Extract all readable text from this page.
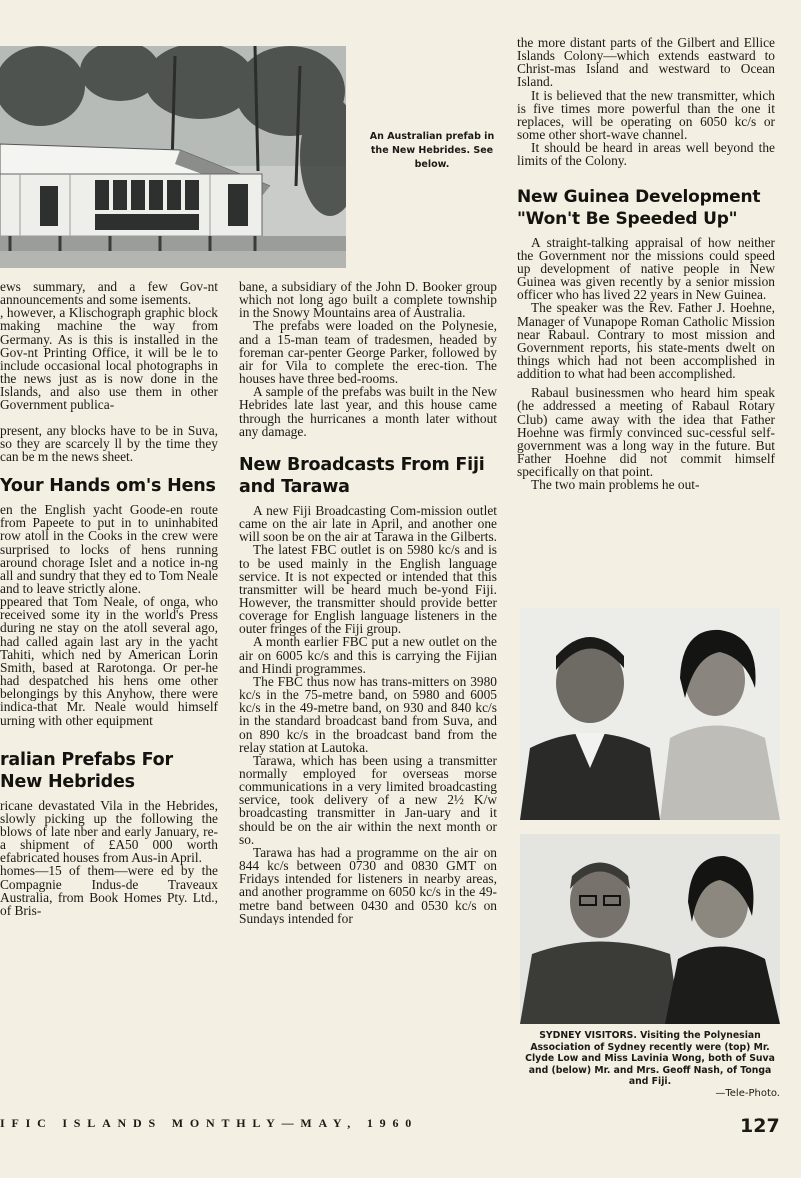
An Australian prefab in the New Hebrides. See below.

ews summary, and a few Gov-nt announcements and some isements.

, however, a Klischograph graphic block making machine the way from Germany. As is this is installed in the Gov-nt Printing Office, it will be le to include occasional local photographs in the news just as is now done in the Islands, and also use them in other Government publica-

present, any blocks have to be in Suva, so they are scarcely ll by the time they can be m the news sheet.

Your Hands om's Hens

en the English yacht Goode-en route from Papeete to put in to uninhabited row atoll in the Cooks in the crew were surprised to locks of hens running around chorage Islet and a notice in-ng all and sundry that they ed to Tom Neale and to leave strictly alone.

ppeared that Tom Neale, of onga, who received some ity in the world's Press during ne stay on the atoll several ago, had called again last ary in the yacht Tahiti, which ned by American Lorin Smith, based at Rarotonga. Or per-he had despatched his hens ome other belongings by this Anyhow, there were indica-that Mr. Neale would himself urning with other equipment

ralian Prefabs For New Hebrides

ricane devastated Vila in the Hebrides, slowly picking up the following the blows of late nber and early January, re-a shipment of £A50 000 worth efabricated houses from Aus-in April.

homes—15 of them—were ed by the Compagnie Indus-de Traveaux Australia, from Book Homes Pty. Ltd., of Bris-

bane, a subsidiary of the John D. Booker group which not long ago built a complete township in the Snowy Mountains area of Australia.

The prefabs were loaded on the Polynesie, and a 15-man team of tradesmen, headed by foreman car-penter George Parker, followed by air for Vila to complete the erec-tion. The houses have three bed-rooms.

A sample of the prefabs was built in the New Hebrides late last year, and this house came through the hurricanes a month later without any damage.

New Broadcasts From Fiji and Tarawa

A new Fiji Broadcasting Com-mission outlet came on the air late in April, and another one will soon be on the air at Tarawa in the Gilberts.

The latest FBC outlet is on 5980 kc/s and is to be used mainly in the English language service. It is not expected or intended that this transmitter will be heard much be-yond Fiji. However, the transmitter should provide better coverage for English language listeners in the outer fringes of the Fiji group.

A month earlier FBC put a new outlet on the air on 6005 kc/s and this is carrying the Fijian and Hindi programmes.

The FBC thus now has trans-mitters on 3980 kc/s in the 75-metre band, on 5980 and 6005 kc/s in the 49-metre band, on 930 and 840 kc/s in the standard broadcast band from Suva, and on 890 kc/s in the broadcast band from the relay station at Lautoka.

Tarawa, which has been using a transmitter normally employed for overseas morse communications in a very limited broadcasting service, took delivery of a new 2½ K/w broadcasting transmitter in Jan-uary and it should be on the air within the next month or so.

Tarawa has had a programme on the air on 844 kc/s between 0730 and 0830 GMT on Fridays intended for listeners in nearby areas, and another programme on 6050 kc/s in the 49-metre band between 0430 and 0530 kc/s on Sundays intended for

the more distant parts of the Gilbert and Ellice Islands Colony—which extends eastward to Christ-mas Island and westward to Ocean Island.

It is believed that the new transmitter, which is five times more powerful than the one it replaces, will be operating on 6050 kc/s or some other short-wave channel.

It should be heard in areas well beyond the limits of the Colony.

New Guinea Development "Won't Be Speeded Up"

A straight-talking appraisal of how neither the Government nor the missions could speed up development of native people in New Guinea was given recently by a senior mission officer who has lived 22 years in New Guinea.

The speaker was the Rev. Father J. Hoehne, Manager of Vunapope Roman Catholic Mission near Rabaul. Contrary to most mission and Government reports, his state-ments dwelt on things which had not been accomplished in addition to what had been accomplished.

Rabaul businessmen who heard him speak (he addressed a meeting of Rabaul Rotary Club) came away with the idea that Father Hoehne was firmly convinced suc-cessful self-government was a long way in the future. But Father Hoehne did not commit himself specifically on that point.

The two main problems he out-

SYDNEY VISITORS. Visiting the Polynesian Association of Sydney recently were (top) Mr. Clyde Low and Miss Lavinia Wong, both of Suva and (below) Mr. and Mrs. Geoff Nash, of Tonga and Fiji.
—Tele-Photo.
IFIC ISLANDS MONTHLY—MAY, 1960	127
